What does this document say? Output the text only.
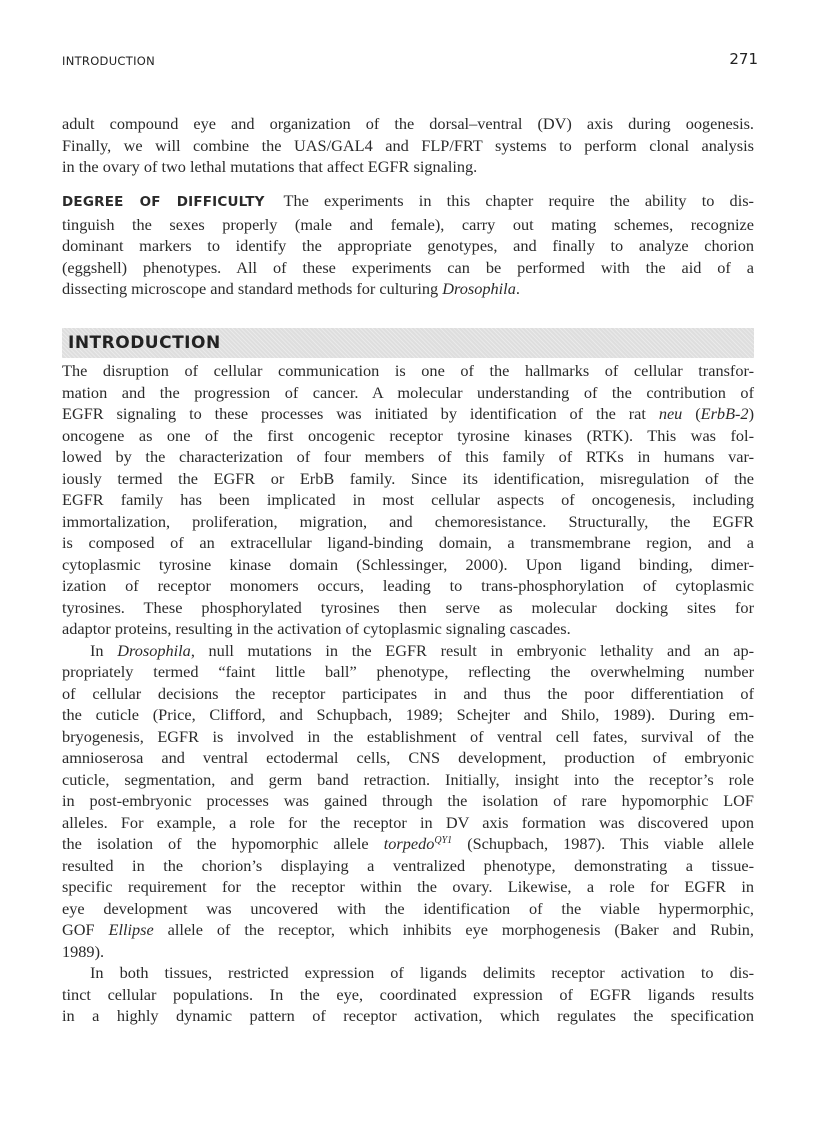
INTRODUCTION	271
adult compound eye and organization of the dorsal–ventral (DV) axis during oogenesis.
Finally, we will combine the UAS/GAL4 and FLP/FRT systems to perform clonal analysis
in the ovary of two lethal mutations that affect EGFR signaling.
DEGREE OF DIFFICULTY The experiments in this chapter require the ability to dis-
tinguish the sexes properly (male and female), carry out mating schemes, recognize
dominant markers to identify the appropriate genotypes, and finally to analyze chorion
(eggshell) phenotypes. All of these experiments can be performed with the aid of a
dissecting microscope and standard methods for culturing Drosophila.
INTRODUCTION
The disruption of cellular communication is one of the hallmarks of cellular transfor-
mation and the progression of cancer. A molecular understanding of the contribution of
EGFR signaling to these processes was initiated by identification of the rat neu (ErbB-2)
oncogene as one of the first oncogenic receptor tyrosine kinases (RTK). This was fol-
lowed by the characterization of four members of this family of RTKs in humans var-
iously termed the EGFR or ErbB family. Since its identification, misregulation of the
EGFR family has been implicated in most cellular aspects of oncogenesis, including
immortalization, proliferation, migration, and chemoresistance. Structurally, the EGFR
is composed of an extracellular ligand-binding domain, a transmembrane region, and a
cytoplasmic tyrosine kinase domain (Schlessinger, 2000). Upon ligand binding, dimer-
ization of receptor monomers occurs, leading to trans-phosphorylation of cytoplasmic
tyrosines. These phosphorylated tyrosines then serve as molecular docking sites for
adaptor proteins, resulting in the activation of cytoplasmic signaling cascades.
In Drosophila, null mutations in the EGFR result in embryonic lethality and an ap-
propriately termed “faint little ball” phenotype, reflecting the overwhelming number
of cellular decisions the receptor participates in and thus the poor differentiation of
the cuticle (Price, Clifford, and Schupbach, 1989; Schejter and Shilo, 1989). During em-
bryogenesis, EGFR is involved in the establishment of ventral cell fates, survival of the
amnioserosa and ventral ectodermal cells, CNS development, production of embryonic
cuticle, segmentation, and germ band retraction. Initially, insight into the receptor’s role
in post-embryonic processes was gained through the isolation of rare hypomorphic LOF
alleles. For example, a role for the receptor in DV axis formation was discovered upon
the isolation of the hypomorphic allele torpedo$^{QY1}$ (Schupbach, 1987). This viable allele
resulted in the chorion’s displaying a ventralized phenotype, demonstrating a tissue-
specific requirement for the receptor within the ovary. Likewise, a role for EGFR in
eye development was uncovered with the identification of the viable hypermorphic,
GOF Ellipse allele of the receptor, which inhibits eye morphogenesis (Baker and Rubin,
1989).
In both tissues, restricted expression of ligands delimits receptor activation to dis-
tinct cellular populations. In the eye, coordinated expression of EGFR ligands results
in a highly dynamic pattern of receptor activation, which regulates the specification
